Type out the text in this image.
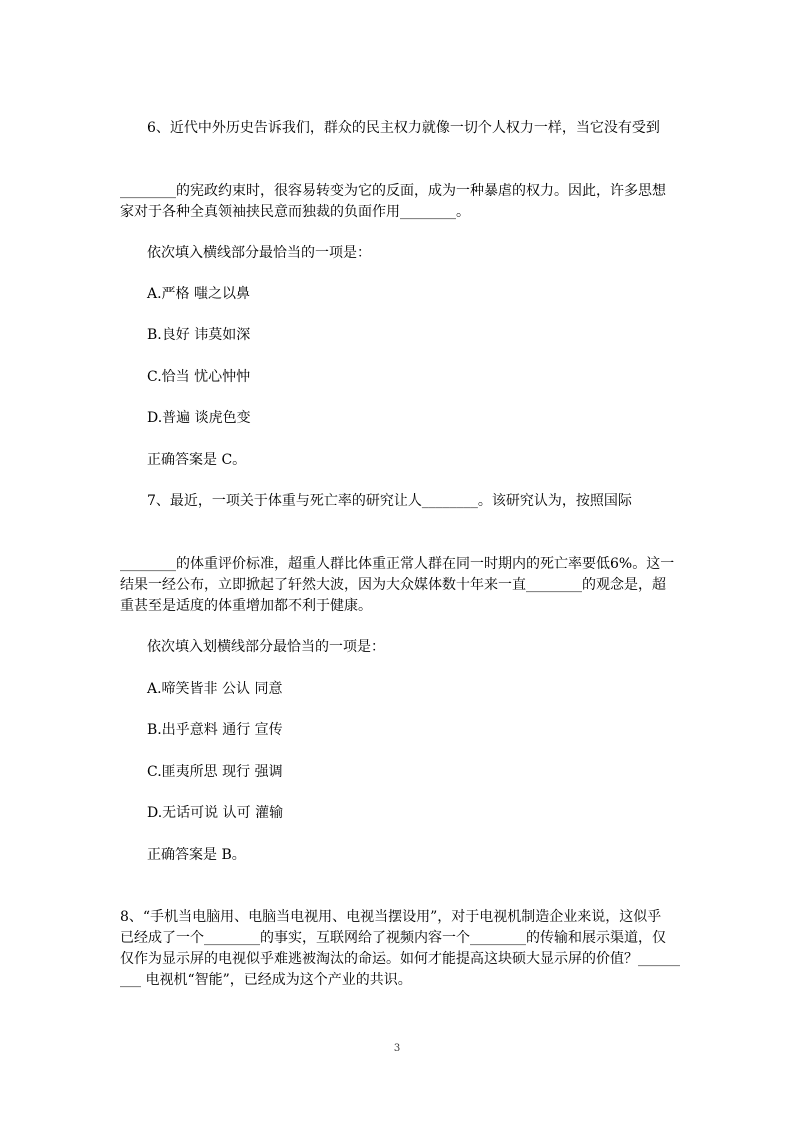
6、近代中外历史告诉我们，群众的民主权力就像一切个人权力一样，当它没有受到

________的宪政约束时，很容易转变为它的反面，成为一种暴虐的权力。因此，许多思想

家对于各种全真领袖挟民意而独裁的负面作用________。

依次填入横线部分最恰当的一项是：

A.严格 嗤之以鼻

B.良好 讳莫如深

C.恰当 忧心忡忡

D.普遍 谈虎色变

正确答案是 C。

7、最近，一项关于体重与死亡率的研究让人________。该研究认为，按照国际

________的体重评价标准，超重人群比体重正常人群在同一时期内的死亡率要低6%。这一

结果一经公布，立即掀起了轩然大波，因为大众媒体数十年来一直________的观念是，超

重甚至是适度的体重增加都不利于健康。

依次填入划横线部分最恰当的一项是：

A.啼笑皆非 公认 同意

B.出乎意料 通行 宣传

C.匪夷所思 现行 强调

D.无话可说 认可 灌输

正确答案是 B。

8、“手机当电脑用、电脑当电视用、电视当摆设用”，对于电视机制造企业来说，这似乎

已经成了一个________的事实，互联网给了视频内容一个________的传输和展示渠道，仅

仅作为显示屏的电视似乎难逃被淘汰的命运。如何才能提高这块硕大显示屏的价值？______

___ 电视机“智能”，已经成为这个产业的共识。

3
